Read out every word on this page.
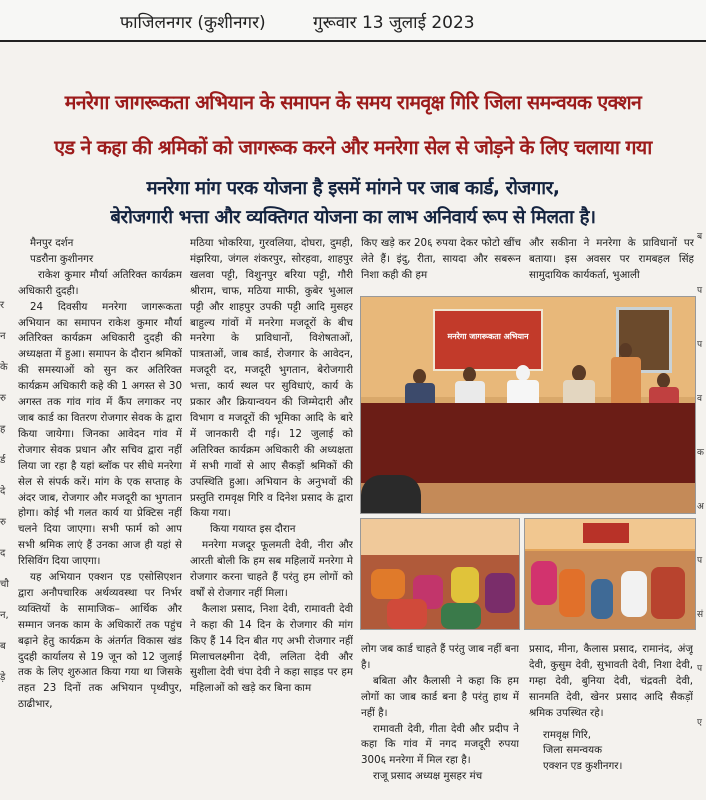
फाजिलनगर (कुशीनगर)	गुरूवार 13 जुलाई 2023
मनरेगा जागरूकता अभियान के समापन के समय रामवृक्ष गिरि जिला समन्वयक एक्शन
एड ने कहा की श्रमिकों को जागरूक करने और मनरेगा सेल से जोड़ने के लिए चलाया गया
मनरेगा मांग परक योजना है इसमें मांगने पर जाब कार्ड, रोजगार,
बेरोजगारी भत्ता और व्यक्तिगत योजना का लाभ अनिवार्य रूप से मिलता है।
र
न
के
रु
ह
र्ड
दे
रु
द
चौ
न,
ब
ड़े
ब
प
प
व
क
अ
प
सं
प
ए

मैनपुर दर्शन

पडरौना कुशीनगर

राकेश कुमार मौर्या अतिरिक्त कार्यक्रम अधिकारी दुदही।

24 दिवसीय मनरेगा जागरूकता अभियान का समापन राकेश कुमार मौर्या अतिरिक्त कार्यक्रम अधिकारी दुदही की अध्यक्षता में हुआ। समापन के दौरान श्रमिकों की समस्याओं को सुन कर अतिरिक्त कार्यक्रम अधिकारी कहे की 1 अगस्त से 30 अगस्त तक गांव गांव में कैंप लगाकर नए जाब कार्ड का वितरण रोजगार सेवक के द्वारा किया जायेगा। जिनका आवेदन गांव में रोजगार सेवक प्रधान और सचिव द्वारा नहीं लिया जा रहा है यहां ब्लॉक पर सीधे मनरेगा सेल से संपर्क करें। मांग के एक सप्ताह के अंदर जाब, रोजगार और मजदूरी का भुगतान होगा। कोई भी गलत कार्य या प्रेक्टिस नहीं चलने दिया जाएगा। सभी फार्म को आप सभी श्रमिक लाएं हैं उनका आज ही यहां से रिसिविंग दिया जाएगा।

यह अभियान एक्शन एड एसोसिएशन द्वारा अनौपचारिक अर्थव्यवस्था पर निर्भर व्यक्तियों के सामाजिक– आर्थिक और सम्मान जनक काम के अधिकारों तक पहुंच बढ़ाने हेतु कार्यक्रम के अंतर्गत विकास खंड दुदही कार्यालय से 19 जून को 12 जुलाई तक के लिए शुरुआत किया गया था जिसके तहत 23 दिनों तक अभियान पृथ्वीपुर, ठाढीभार,

मठिया भोकरिया, गुरवलिया, दोघरा, दुमही, मंझरिया, जंगल शंकरपुर, सोरहवा, शाहपुर खलवा पट्टी, विशुनपुर बरिया पट्टी, गौरी श्रीराम, चाफ, मठिया माफी, कुबेर भुआल पट्टी और शाहपुर उपकी पट्टी आदि मुसहर बाहुल्य गांवों में मनरेगा मजदूरों के बीच मनरेगा के प्राविधानों, विशेषताओं, पात्रताओं, जाब कार्ड, रोजगार के आवेदन, मजदूरी दर, मजदूरी भुगतान, बेरोजगारी भत्ता, कार्य स्थल पर सुविधाएं, कार्य के प्रकार और क्रियान्वयन की जिम्मेदारी और विभाग व मजदूरों की भूमिका आदि के बारे में जानकारी दी गई। 12 जुलाई को अतिरिक्त कार्यक्रम अधिकारी की अध्यक्षता में सभी गावों से आए सैकड़ों श्रमिकों की उपस्थिति हुआ। अभियान के अनुभवों की प्रस्तुति रामवृक्ष गिरि व दिनेश प्रसाद के द्वारा किया गया।

किया गयाय्त इस दौरान

मनरेगा मजदूर फूलमती देवी, नीरा और आरती बोली कि हम सब महिलायें मनरेगा मे रोजगार करना चाहते हैं परंतु हम लोगों को वर्षों से रोजगार नहीं मिला।

कैलाश प्रसाद, निशा देवी, रामावती देवी ने कहा की 14 दिन के रोजगार की मांग किए हैं 14 दिन बीत गए अभी रोजगार नहीं मिलाचलक्ष्मीना देवी, ललिता देवी और सुशीला देवी चंपा देवी ने कहा साइड पर हम महिलाओं को खड़े कर बिना काम

किए खड़े कर 20६ रुपया देकर फोटो खींच लेते हैं। इंदु, रीता, सायदा और सबरून निशा कही की हम

और सकीना ने मनरेगा के प्राविधानों पर बताया। इस अवसर पर रामबहल सिंह सामुदायिक कार्यकर्ता, भुआली

मनरेगा जागरूकता अभियान

लोग जब कार्ड चाहते हैं परंतु जाब नहीं बना है।

बबिता और कैलासी ने कहा कि हम लोगों का जाब कार्ड बना है परंतु हाथ में नहीं है।

रामावती देवी, गीता देवी और प्रदीप ने कहा कि गांव में नगद मजदूरी रुपया 300६ मनरेगा में मिल रहा है।

राजू प्रसाद अध्यक्ष मुसहर मंच

प्रसाद, मीना, कैलास प्रसाद, रामानंद, अंजू देवी, कुसुम देवी, सुभावती देवी, निशा देवी, गम्हा देवी, बुनिया देवी, चंद्रवती देवी, सानमति देवी, खेनर प्रसाद आदि सैकड़ों श्रमिक उपस्थित रहे।

रामवृक्ष गिरि,

जिला समन्वयक

एक्शन एड कुशीनगर।
